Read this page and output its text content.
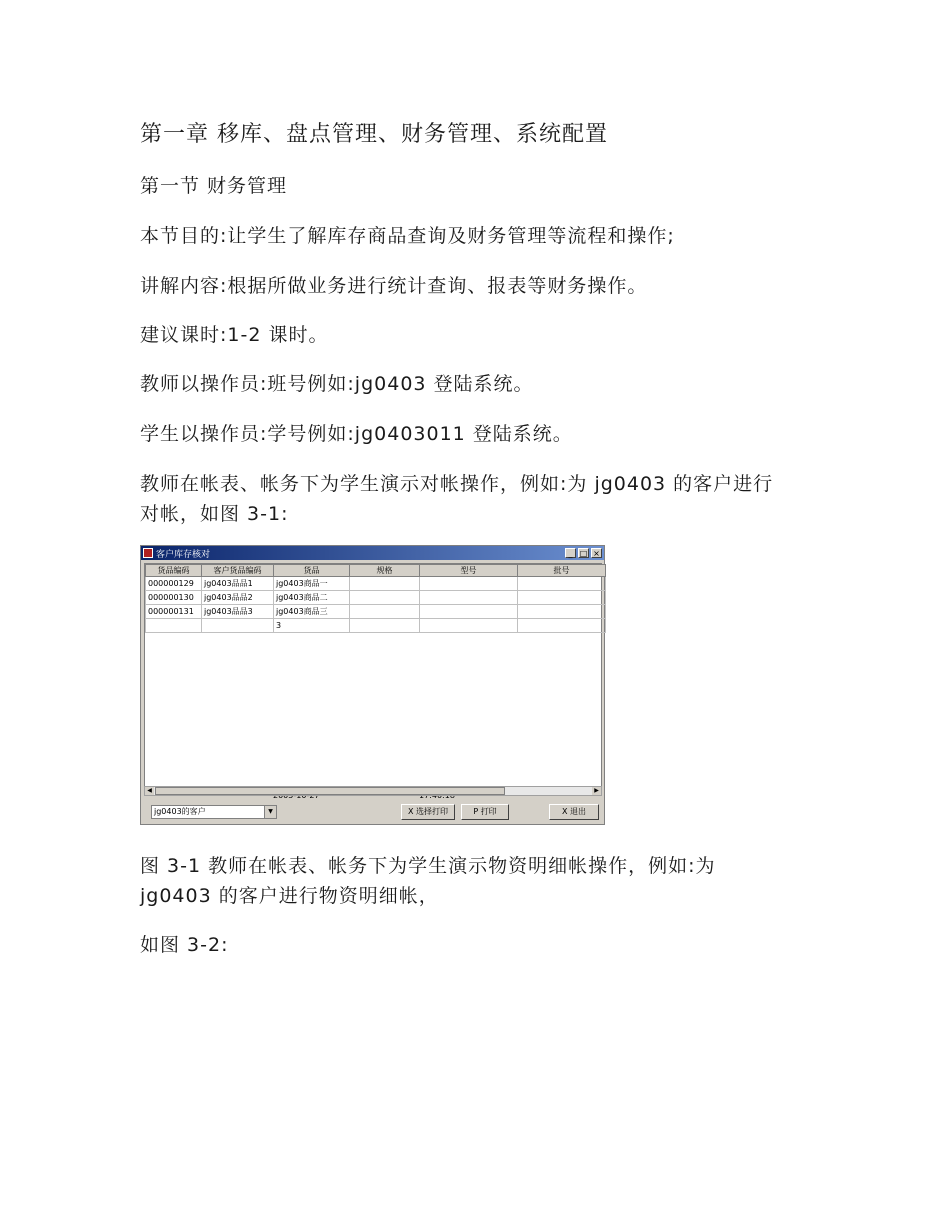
第一章 移库、盘点管理、财务管理、系统配置
第一节 财务管理
本节目的:让学生了解库存商品查询及财务管理等流程和操作;
讲解内容:根据所做业务进行统计查询、报表等财务操作。
建议课时:1-2 课时。
教师以操作员:班号例如:jg0403 登陆系统。
学生以操作员:学号例如:jg0403011 登陆系统。
教师在帐表、帐务下为学生演示对帐操作，例如:为 jg0403 的客户进行
对帐，如图 3-1:
图 3-1 教师在帐表、帐务下为学生演示物资明细帐操作，例如:为
jg0403 的客户进行物资明细帐，
如图 3-2:
客户库存核对	_ □ ×
货品编码	客户货品编码	货品	规格	型号	批号
000000129	jg0403品品1	jg0403商品一			
000000130	jg0403品品2	jg0403商品二			
000000131	jg0403品品3	jg0403商品三			
		3			
◀	▶
jg0403的客户	▼	X 选择打印	P 打印	X 退出
